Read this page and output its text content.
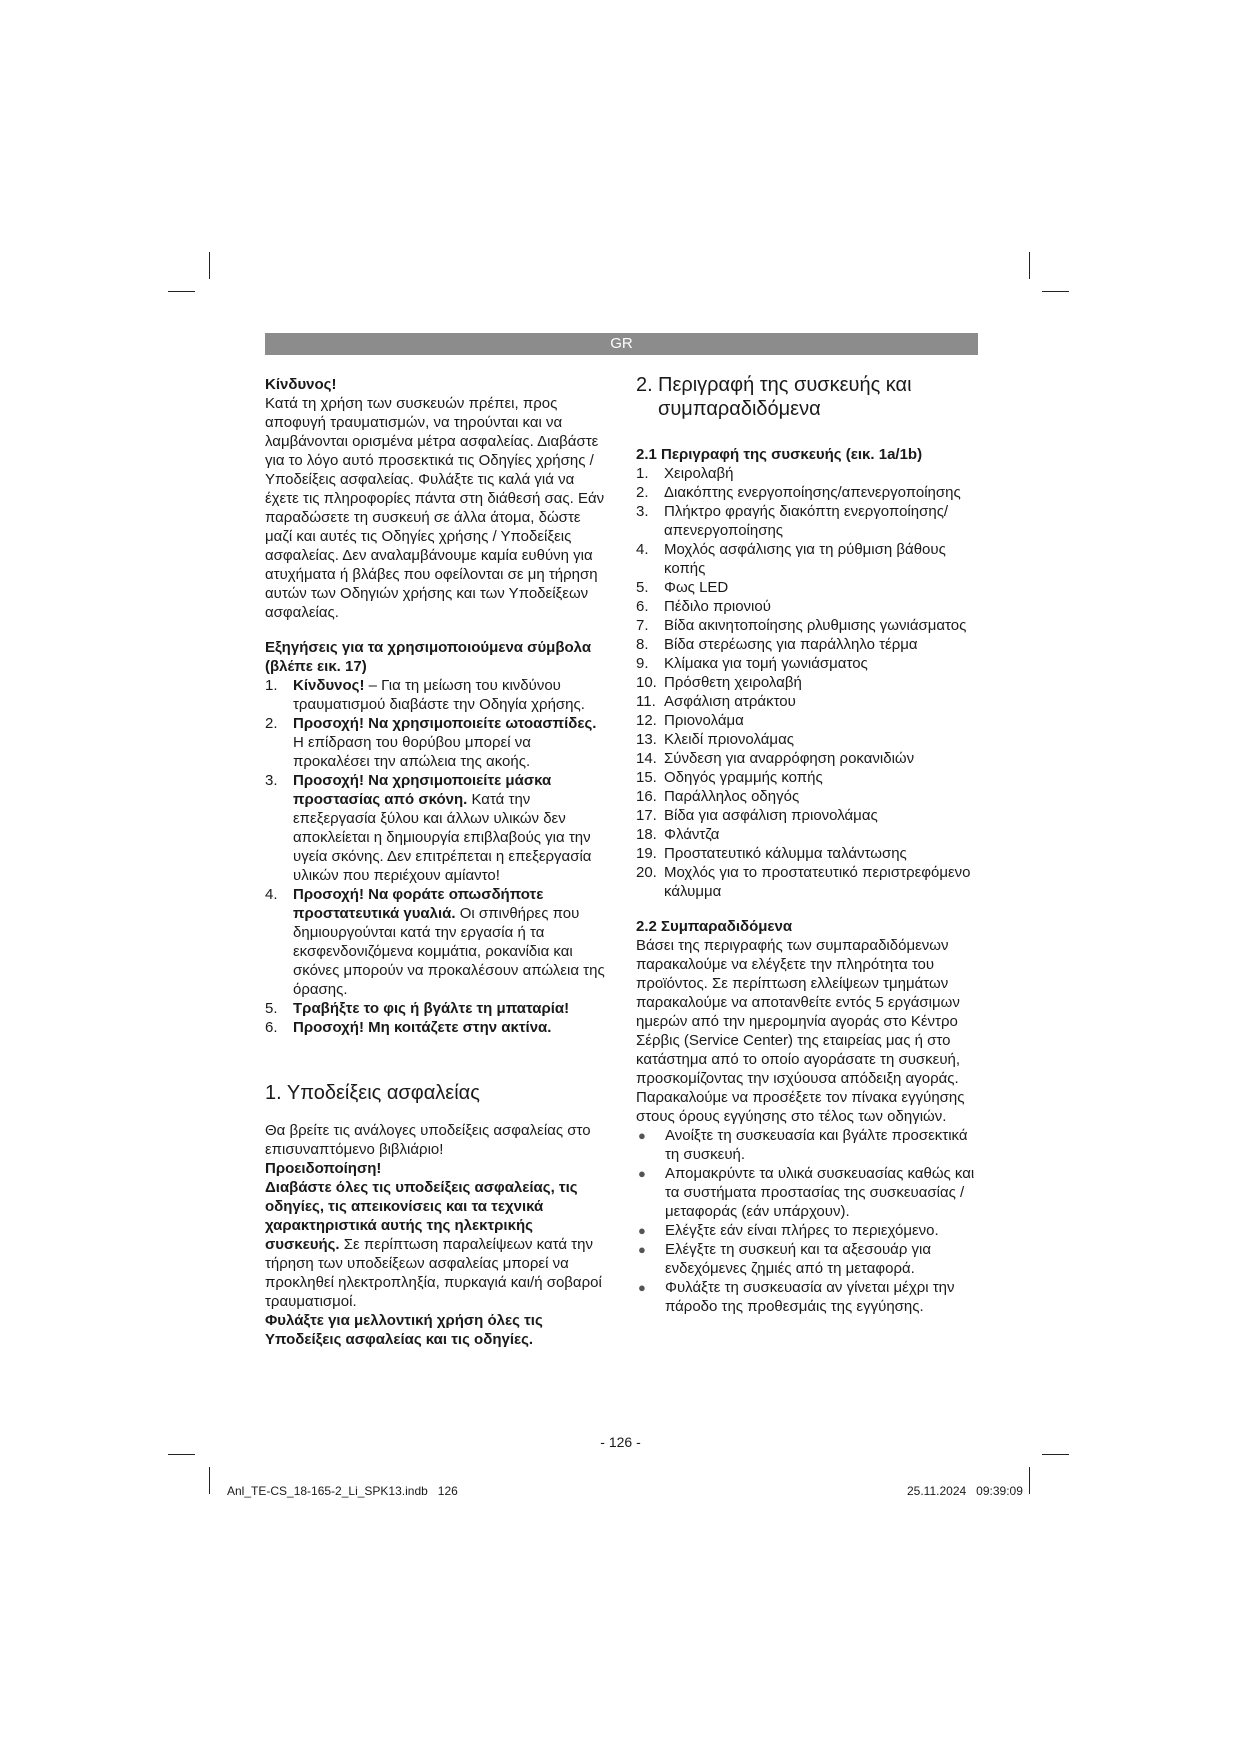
GR

Κίνδυνος!

Κατά τη χρήση των συσκευών πρέπει, προς αποφυγή τραυματισμών, να τηρούνται και να λαμβάνονται ορισμένα μέτρα ασφαλείας. Διαβάστε για το λόγο αυτό προσεκτικά τις Οδηγίες χρήσης / Υποδείξεις ασφαλείας. Φυλάξτε τις καλά γιά να έχετε τις πληροφορίες πάντα στη διάθεσή σας. Εάν παραδώσετε τη συσκευή σε άλλα άτομα, δώστε μαζί και αυτές τις Οδηγίες χρήσης / Υποδείξεις ασφαλείας. Δεν αναλαμβάνουμε καμία ευθύνη για ατυχήματα ή βλάβες που οφείλονται σε μη τήρηση αυτών των Οδηγιών χρήσης και των Υποδείξεων ασφαλείας.

Εξηγήσεις για τα χρησιμοποιούμενα σύμβολα (βλέπε εικ. 17)

1.	Κίνδυνος! – Για τη μείωση του κινδύνου τραυματισμού διαβάστε την Οδηγία χρήσης.
2.	Προσοχή! Να χρησιμοποιείτε ωτοασπίδες. Η επίδραση του θορύβου μπορεί να προκαλέσει την απώλεια της ακοής.
3.	Προσοχή! Να χρησιμοποιείτε μάσκα προστασίας από σκόνη. Κατά την επεξεργασία ξύλου και άλλων υλικών δεν αποκλείεται η δημιουργία επιβλαβούς για την υγεία σκόνης. Δεν επιτρέπεται η επεξεργασία υλικών που περιέχουν αμίαντο!
4.	Προσοχή! Να φοράτε οπωσδήποτε προστατευτικά γυαλιά. Οι σπινθήρες που δημιουργούνται κατά την εργασία ή τα εκσφενδονιζόμενα κομμάτια, ροκανίδια και σκόνες μπορούν να προκαλέσουν απώλεια της όρασης.
5.	Τραβήξτε το φις ή βγάλτε τη μπαταρία!
6.	Προσοχή! Μη κοιτάζετε στην ακτίνα.
1. Υποδείξεις ασφαλείας

Θα βρείτε τις ανάλογες υποδείξεις ασφαλείας στο επισυναπτόμενο βιβλιάριο!

Προειδοποίηση!

Διαβάστε όλες τις υποδείξεις ασφαλείας, τις οδηγίες, τις απεικονίσεις και τα τεχνικά χαρακτηριστικά αυτής της ηλεκτρικής συσκευής. Σε περίπτωση παραλείψεων κατά την τήρηση των υποδείξεων ασφαλείας μπορεί να προκληθεί ηλεκτροπληξία, πυρκαγιά και/ή σοβαροί τραυματισμοί.

Φυλάξτε για μελλοντική χρήση όλες τις Υποδείξεις ασφαλείας και τις οδηγίες.

2. Περιγραφή της συσκευής και συμπαραδιδόμενα

2.1 Περιγραφή της συσκευής (εικ. 1a/1b)

1.	Χειρολαβή
2.	Διακόπτης ενεργοποίησης/απενεργοποίησης
3.	Πλήκτρο φραγής διακόπτη ενεργοποίησης/ απενεργοποίησης
4.	Μοχλός ασφάλισης για τη ρύθμιση βάθους κοπής
5.	Φως LED
6.	Πέδιλο πριονιού
7.	Βίδα ακινητοποίησης ρλυθμισης γωνιάσματος
8.	Βίδα στερέωσης για παράλληλο τέρμα
9.	Κλίμακα για τομή γωνιάσματος
10. Πρόσθετη χειρολαβή
11. Ασφάλιση ατράκτου
12. Πριονολάμα
13. Κλειδί πριονολάμας
14. Σύνδεση για αναρρόφηση ροκανιδιών
15. Οδηγός γραμμής κοπής
16. Παράλληλος οδηγός
17. Βίδα για ασφάλιση πριονολάμας
18. Φλάντζα
19. Προστατευτικό κάλυμμα ταλάντωσης
20. Μοχλός για το προστατευτικό περιστρεφόμενο κάλυμμα

2.2 Συμπαραδιδόμενα

Βάσει της περιγραφής των συμπαραδιδόμενων παρακαλούμε να ελέγξετε την πληρότητα του προϊόντος. Σε περίπτωση ελλείψεων τμημάτων παρακαλούμε να αποτανθείτε εντός 5 εργάσιμων ημερών από την ημερομηνία αγοράς στο Κέντρο Σέρβις (Service Center) της εταιρείας μας ή στο κατάστημα από το οποίο αγοράσατε τη συσκευή, προσκομίζοντας την ισχύουσα απόδειξη αγοράς. Παρακαλούμε να προσέξετε τον πίνακα εγγύησης στους όρους εγγύησης στο τέλος των οδηγιών.

●	Ανοίξτε τη συσκευασία και βγάλτε προσεκτικά τη συσκευή.
●	Απομακρύντε τα υλικά συσκευασίας καθώς και τα συστήματα προστασίας της συσκευασίας / μεταφοράς (εάν υπάρχουν).
●	Ελέγξτε εάν είναι πλήρες το περιεχόμενο.
●	Ελέγξτε τη συσκευή και τα αξεσουάρ για ενδεχόμενες ζημιές από τη μεταφορά.
●	Φυλάξτε τη συσκευασία αν γίνεται μέχρι την πάροδο της προθεσμάις της εγγύησης.
- 126 -
Anl_TE-CS_18-165-2_Li_SPK13.indb   126	25.11.2024   09:39:09
